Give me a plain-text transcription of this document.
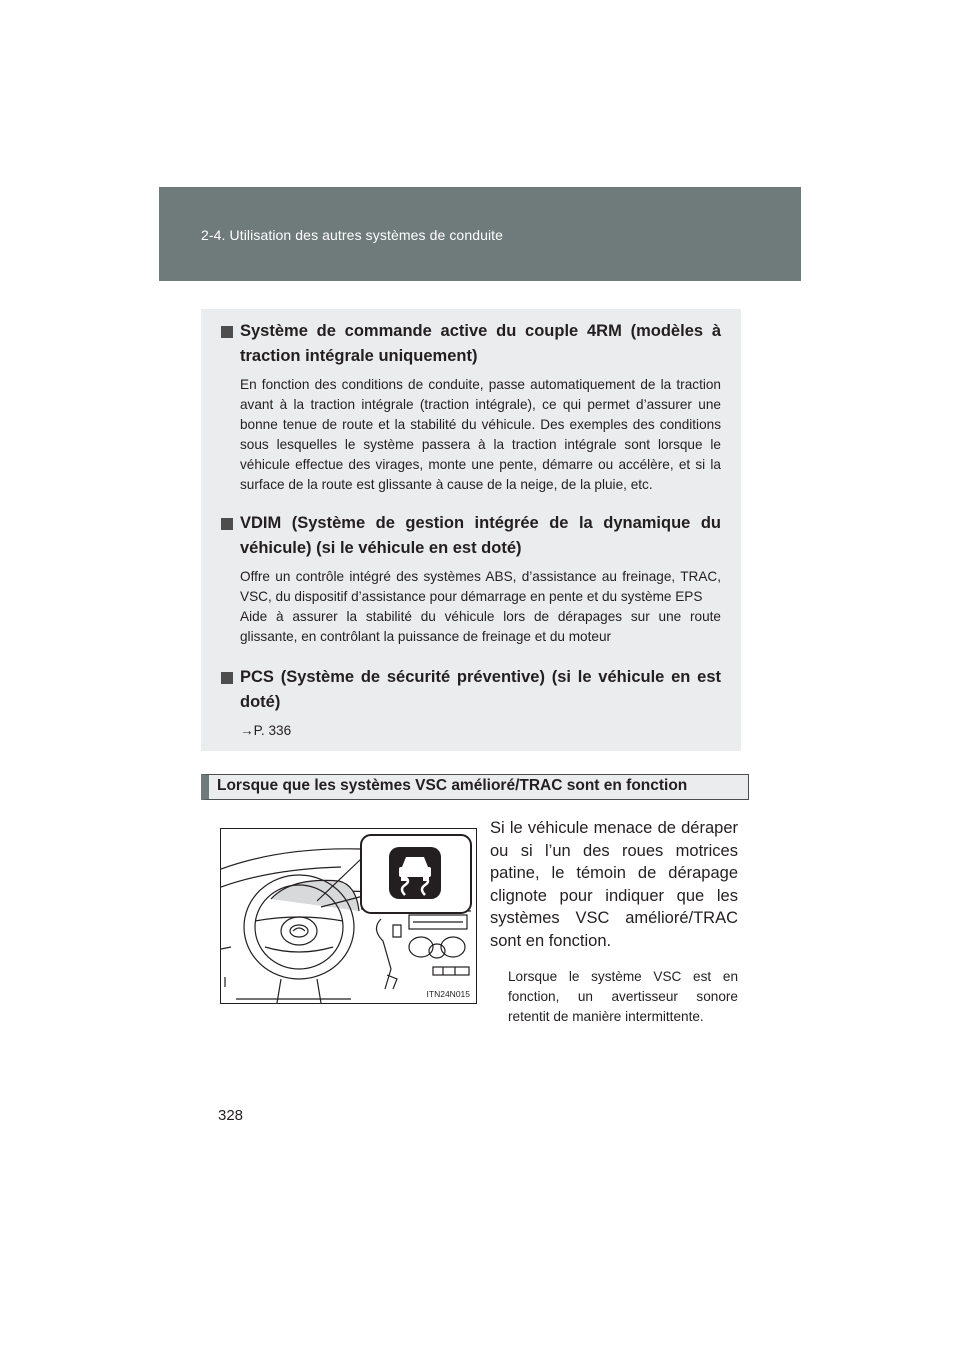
2-4. Utilisation des autres systèmes de conduite
Système de commande active du couple 4RM (modèles à traction intégrale uniquement)

En fonction des conditions de conduite, passe automatiquement de la traction avant à la traction intégrale (traction intégrale), ce qui permet d’assurer une bonne tenue de route et la stabilité du véhicule. Des exemples des conditions sous lesquelles le système passera à la traction intégrale sont lorsque le véhicule effectue des virages, monte une pente, démarre ou accélère, et si la surface de la route est glissante à cause de la neige, de la pluie, etc.

VDIM (Système de gestion intégrée de la dynamique du véhicule) (si le véhicule en est doté)

Offre un contrôle intégré des systèmes ABS, d’assistance au freinage, TRAC, VSC, du dispositif d’assistance pour démarrage en pente et du système EPS

Aide à assurer la stabilité du véhicule lors de dérapages sur une route glissante, en contrôlant la puissance de freinage et du moteur

PCS (Système de sécurité préventive) (si le véhicule en est doté)
→P. 336
Lorsque que les systèmes VSC amélioré/TRAC sont en fonction
ITN24N015
Si le véhicule menace de déraper ou si l’un des roues motrices patine, le témoin de dérapage clignote pour indiquer que les systèmes VSC amélioré/TRAC sont en fonction.
Lorsque le système VSC est en fonction, un avertisseur sonore retentit de manière intermittente.
328
